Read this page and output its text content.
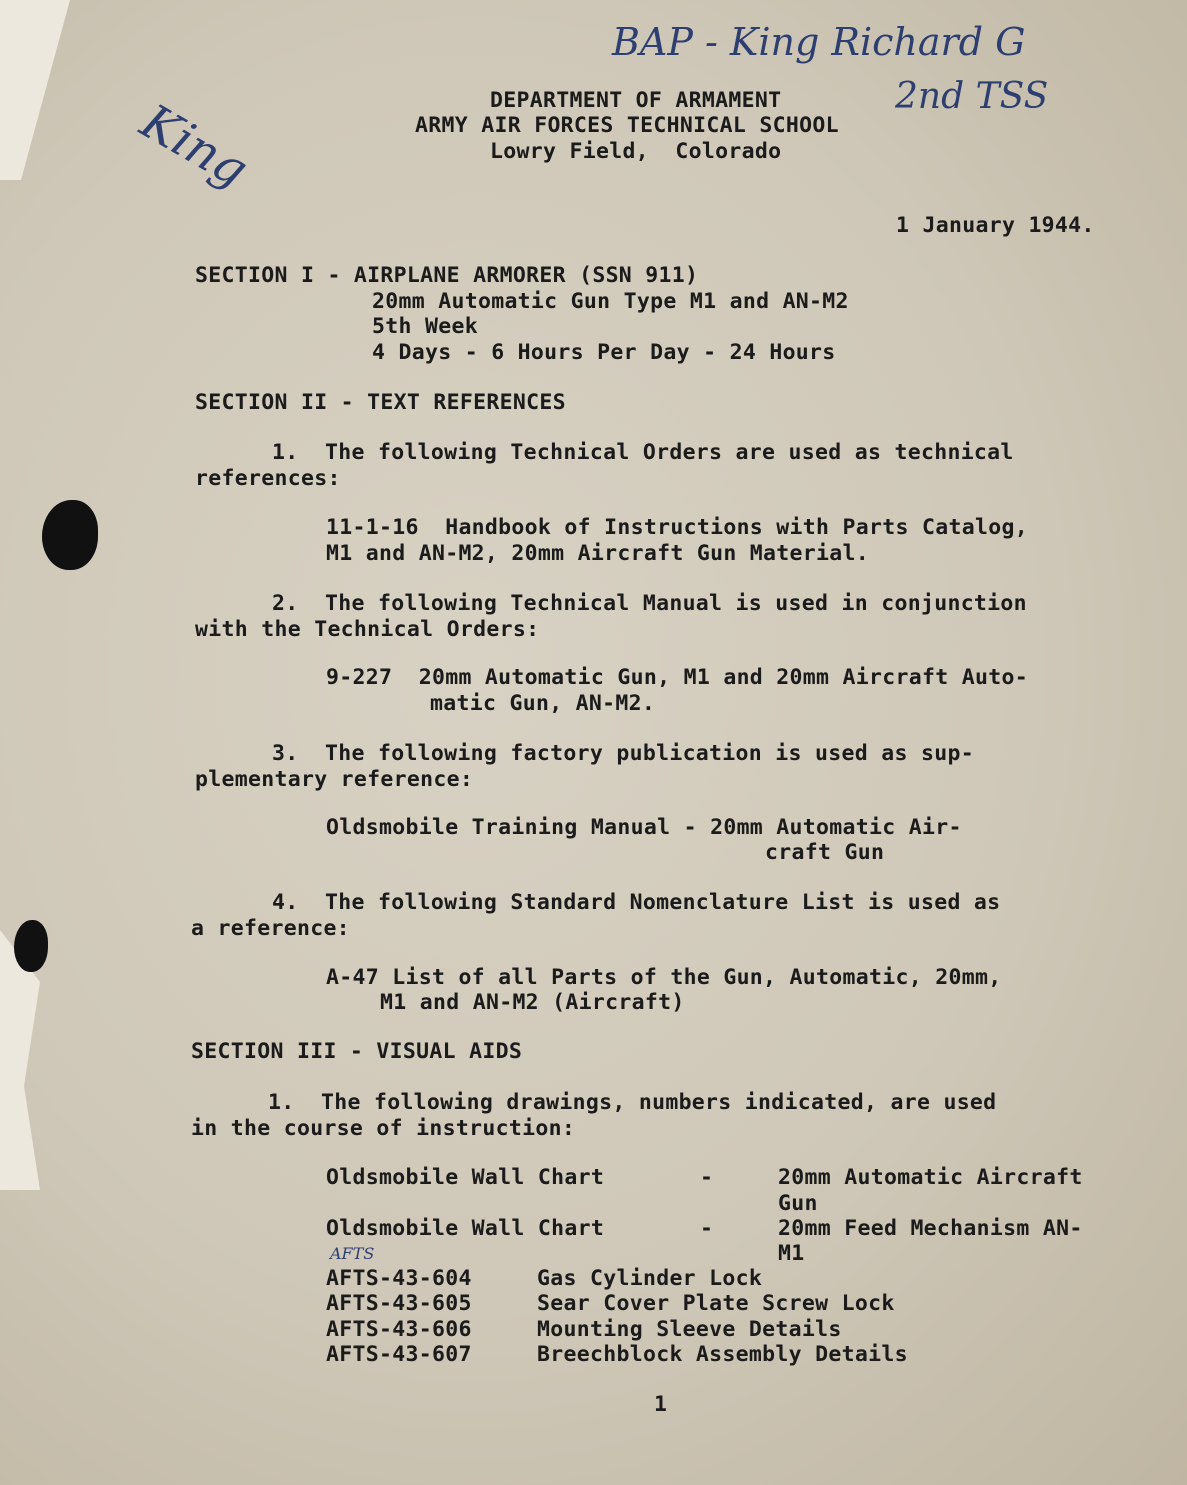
BAP - King Richard G
2nd TSS
King	DEPARTMENT OF ARMAMENT
ARMY AIR FORCES TECHNICAL SCHOOL
Lowry Field,  Colorado
1 January 1944.
SECTION I - AIRPLANE ARMORER (SSN 911)
20mm Automatic Gun Type M1 and AN-M2
5th Week
4 Days - 6 Hours Per Day - 24 Hours
SECTION II - TEXT REFERENCES
1.  The following Technical Orders are used as technical
references:
11-1-16  Handbook of Instructions with Parts Catalog,
M1 and AN-M2, 20mm Aircraft Gun Material.
2.  The following Technical Manual is used in conjunction
with the Technical Orders:
9-227  20mm Automatic Gun, M1 and 20mm Aircraft Auto-
matic Gun, AN-M2.
3.  The following factory publication is used as sup-
plementary reference:
Oldsmobile Training Manual - 20mm Automatic Air-
craft Gun
4.  The following Standard Nomenclature List is used as
a reference:
A-47 List of all Parts of the Gun, Automatic, 20mm,
M1 and AN-M2 (Aircraft)
SECTION III - VISUAL AIDS
1.  The following drawings, numbers indicated, are used
in the course of instruction:
Oldsmobile Wall Chart	-	20mm Automatic Aircraft
Gun
Oldsmobile Wall Chart	-	20mm Feed Mechanism AN-
M1
AFTS
AFTS-43-604	Gas Cylinder Lock
AFTS-43-605	Sear Cover Plate Screw Lock
AFTS-43-606	Mounting Sleeve Details
AFTS-43-607	Breechblock Assembly Details
1
